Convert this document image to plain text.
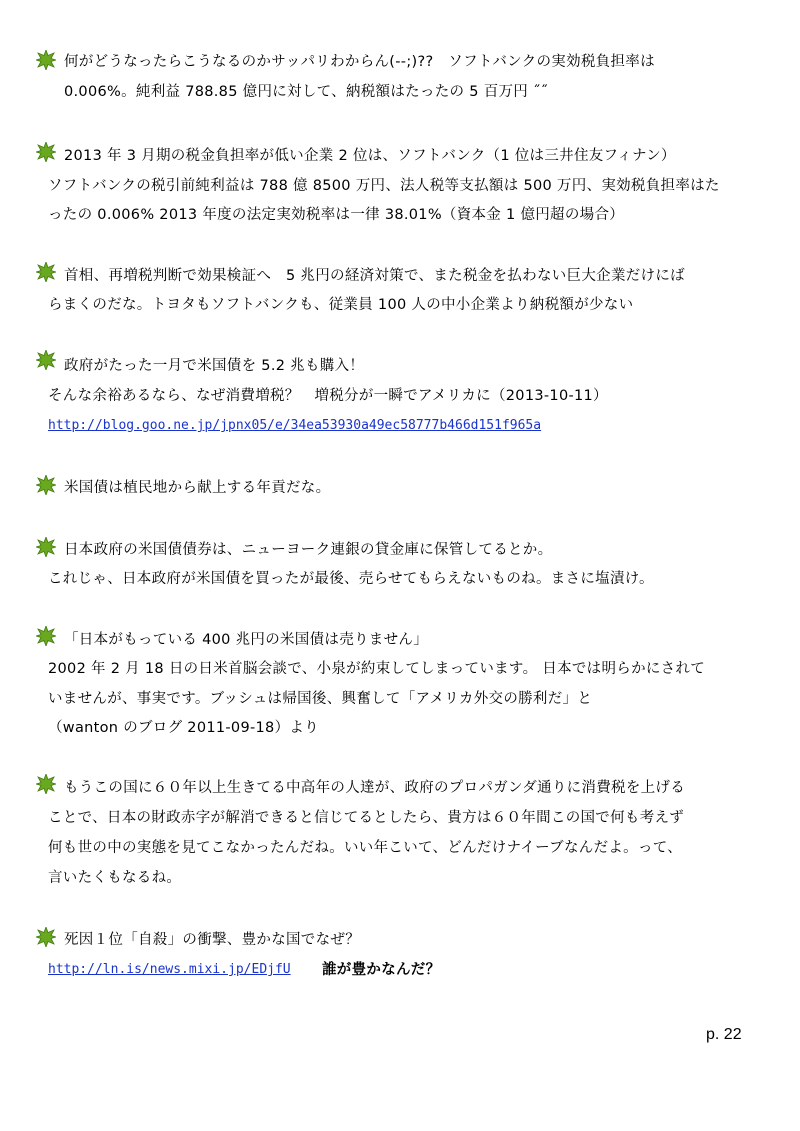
何がどうなったらこうなるのかサッパリわからん(--;)??　ソフトバンクの実効税負担率は
0.006%。純利益 788.85 億円に対して、納税額はたったの 5 百万円 ˝˝
2013 年 3 月期の税金負担率が低い企業 2 位は、ソフトバンク（1 位は三井住友フィナン）
ソフトバンクの税引前純利益は 788 億 8500 万円、法人税等支払額は 500 万円、実効税負担率はた
ったの 0.006% 2013 年度の法定実効税率は一律 38.01%（資本金 1 億円超の場合）
首相、再増税判断で効果検証へ　5 兆円の経済対策で、また税金を払わない巨大企業だけにば
らまくのだな。トヨタもソフトバンクも、従業員 100 人の中小企業より納税額が少ない
政府がたった一月で米国債を 5.2 兆も購入！
そんな余裕あるなら、なぜ消費増税？　増税分が一瞬でアメリカに（2013-10-11）
http://blog.goo.ne.jp/jpnx05/e/34ea53930a49ec58777b466d151f965a
米国債は植民地から献上する年貢だな。
日本政府の米国債債券は、ニューヨーク連銀の貸金庫に保管してるとか。
これじゃ、日本政府が米国債を買ったが最後、売らせてもらえないものね。まさに塩漬け。
「日本がもっている 400 兆円の米国債は売りません」
2002 年 2 月 18 日の日米首脳会談で、小泉が約束してしまっています。 日本では明らかにされて
いませんが、事実です。ブッシュは帰国後、興奮して「アメリカ外交の勝利だ」と
（wanton のブログ 2011-09-18）より
もうこの国に６０年以上生きてる中高年の人達が、政府のプロパガンダ通りに消費税を上げる
ことで、日本の財政赤字が解消できると信じてるとしたら、貴方は６０年間この国で何も考えず
何も世の中の実態を見てこなかったんだね。いい年こいて、どんだけナイーブなんだよ。って、
言いたくもなるね。
死因１位「自殺」の衝撃、豊かな国でなぜ？
http://ln.is/news.mixi.jp/EDjfU 誰が豊かなんだ？
p. 22
